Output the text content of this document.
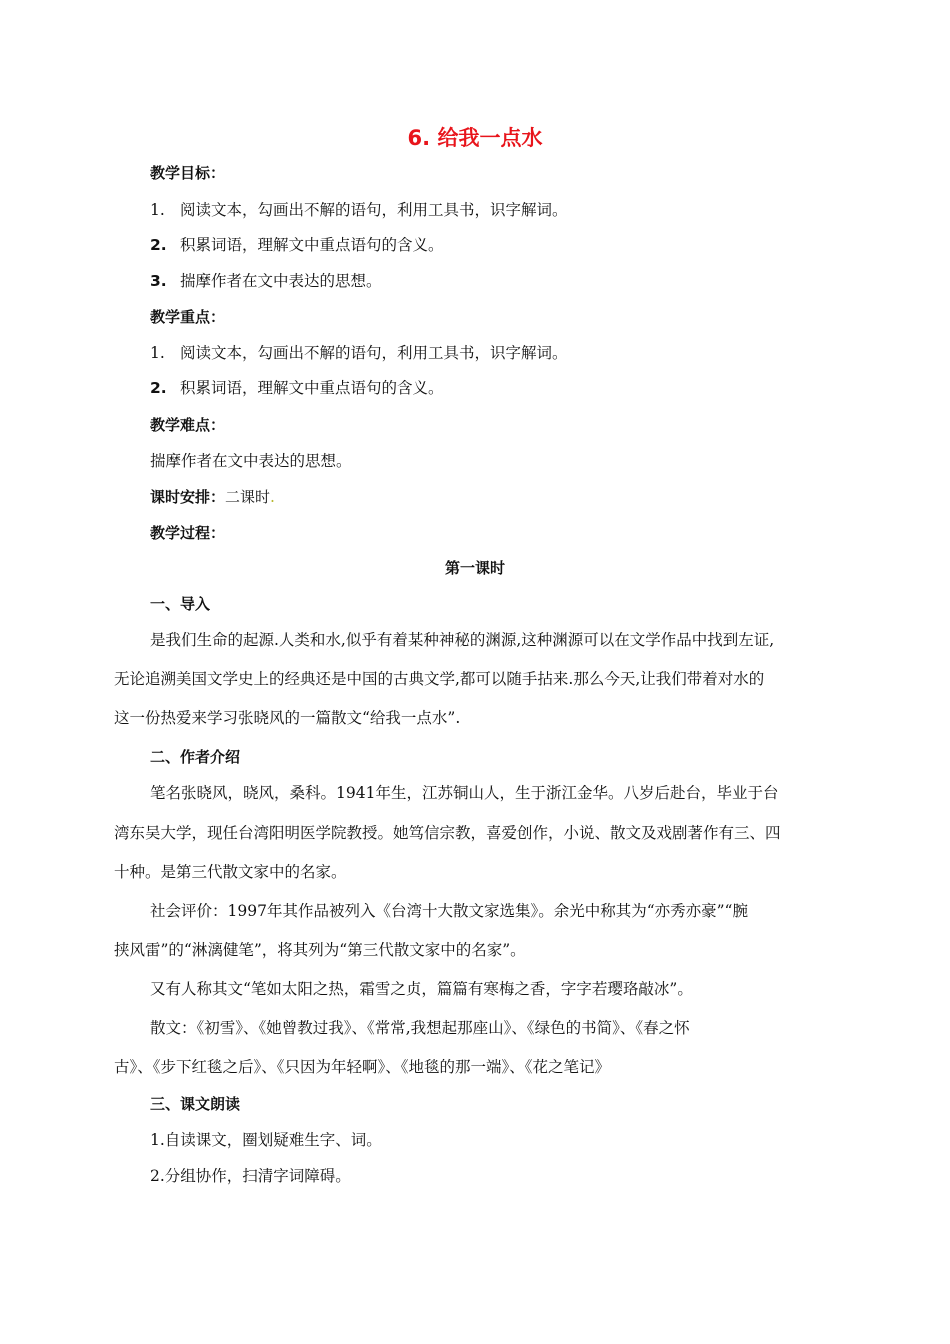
6. 给我一点水
教学目标：
1. 阅读文本，勾画出不解的语句，利用工具书，识字解词。
2. 积累词语，理解文中重点语句的含义。
3. 揣摩作者在文中表达的思想。
教学重点：
1. 阅读文本，勾画出不解的语句，利用工具书，识字解词。
2. 积累词语，理解文中重点语句的含义。
教学难点：
揣摩作者在文中表达的思想。
课时安排：二课时.
教学过程：
第一课时
一、导入
是我们生命的起源.人类和水,似乎有着某种神秘的渊源,这种渊源可以在文学作品中找到左证,
无论追溯美国文学史上的经典还是中国的古典文学,都可以随手拈来.那么今天,让我们带着对水的
这一份热爱来学习张晓风的一篇散文“给我一点水”.
二、作者介绍
笔名张晓风，晓风，桑科。1941年生，江苏铜山人，生于浙江金华。八岁后赴台，毕业于台
湾东吴大学，现任台湾阳明医学院教授。她笃信宗教，喜爱创作，小说、散文及戏剧著作有三、四
十种。是第三代散文家中的名家。
社会评价：1997年其作品被列入《台湾十大散文家选集》。余光中称其为“亦秀亦豪”“腕
挟风雷”的“淋漓健笔”，将其列为“第三代散文家中的名家”。
又有人称其文“笔如太阳之热，霜雪之贞，篇篇有寒梅之香，字字若璎珞敲冰”。
散文：《初雪》、《她曾教过我》、《常常,我想起那座山》、《绿色的书简》、《春之怀
古》、《步下红毯之后》、《只因为年轻啊》、《地毯的那一端》、《花之笔记》
三、课文朗读
1.自读课文，圈划疑难生字、词。
2.分组协作，扫清字词障碍。
